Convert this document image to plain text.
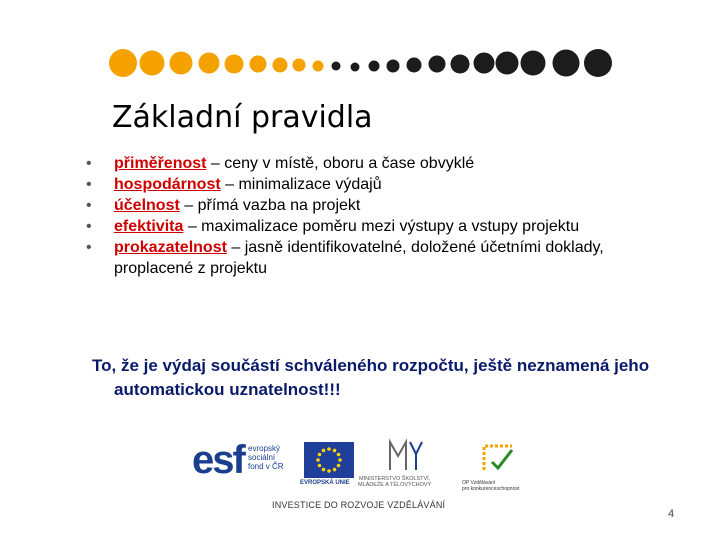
Základní pravidla
• přiměřenost – ceny v místě, oboru a čase obvyklé
• hospodárnost – minimalizace výdajů
• účelnost – přímá vazba na projekt
• efektivita – maximalizace poměru mezi výstupy a vstupy projektu
• prokazatelnost – jasně identifikovatelné, doložené účetními doklady, proplacené z projektu
To, že je výdaj součástí schváleného rozpočtu, ještě neznamená jeho automatickou uznatelnost!!!
esf evropský
sociální
fond v ČR
EVROPSKÁ UNIE
MINISTERSTVO ŠKOLSTVÍ,
MLÁDEŽE A TĚLOVÝCHOVY	OP Vzdělávání
pro konkurenceschopnost
INVESTICE DO ROZVOJE VZDĚLÁVÁNÍ
4
